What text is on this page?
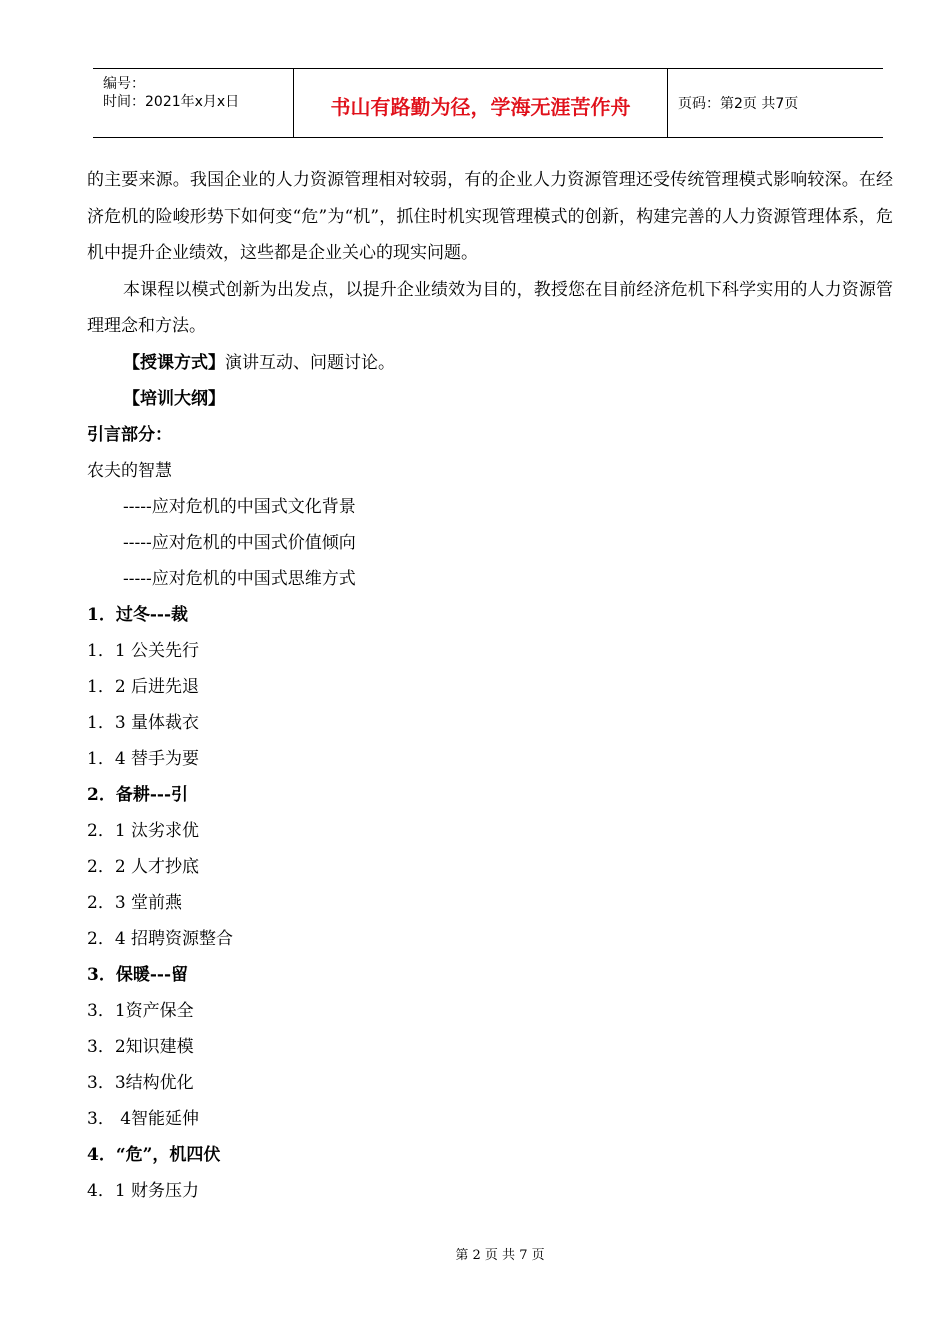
编号：
时间：2021年x月x日	书山有路勤为径，学海无涯苦作舟	页码：第2页 共7页

的主要来源。我国企业的人力资源管理相对较弱，有的企业人力资源管理还受传统管理模式影响较深。在经济危机的险峻形势下如何变“危”为“机”，抓住时机实现管理模式的创新，构建完善的人力资源管理体系，危机中提升企业绩效，这些都是企业关心的现实问题。

本课程以模式创新为出发点，以提升企业绩效为目的，教授您在目前经济危机下科学实用的人力资源管理理念和方法。

【授课方式】演讲互动、问题讨论。
【培训大纲】
引言部分：
农夫的智慧
-----应对危机的中国式文化背景
-----应对危机的中国式价值倾向
-----应对危机的中国式思维方式
1．过冬---裁
1．1 公关先行
1．2 后进先退
1．3 量体裁衣
1．4 替手为要
2．备耕---引
2．1 汰劣求优
2．2 人才抄底
2．3 堂前燕
2．4 招聘资源整合
3．保暖---留
3．1资产保全
3．2知识建模
3．3结构优化
3． 4智能延伸
4．“危”，机四伏
4．1 财务压力
第 2 页 共 7 页
